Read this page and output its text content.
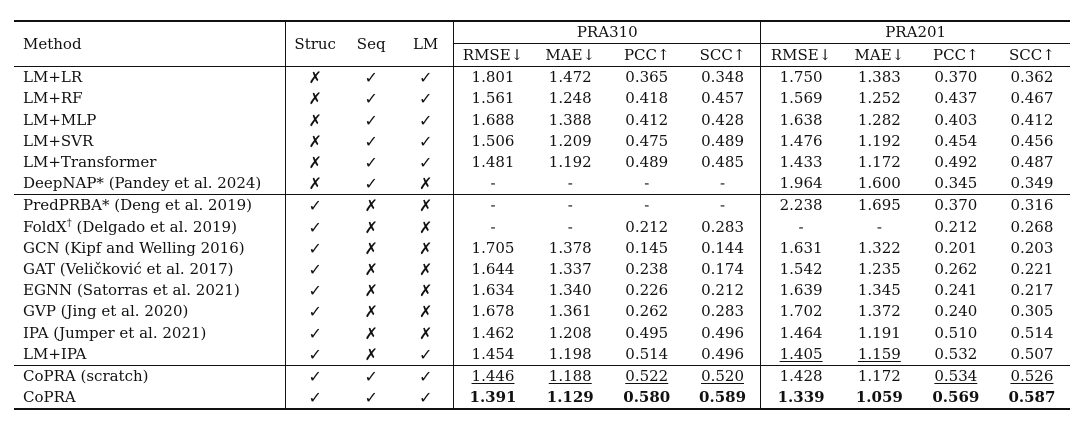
Method	Struc	Seq	LM	PRA310				PRA201			
				RMSE↓	MAE↓	PCC↑	SCC↑	RMSE↓	MAE↓	PCC↑	SCC↑
LM+LR	✗	✓	✓	1.801	1.472	0.365	0.348	1.750	1.383	0.370	0.362
LM+RF	✗	✓	✓	1.561	1.248	0.418	0.457	1.569	1.252	0.437	0.467
LM+MLP	✗	✓	✓	1.688	1.388	0.412	0.428	1.638	1.282	0.403	0.412
LM+SVR	✗	✓	✓	1.506	1.209	0.475	0.489	1.476	1.192	0.454	0.456
LM+Transformer	✗	✓	✓	1.481	1.192	0.489	0.485	1.433	1.172	0.492	0.487
DeepNAP* (Pandey et al. 2024)	✗	✓	✗	-	-	-	-	1.964	1.600	0.345	0.349
PredPRBA* (Deng et al. 2019)	✓	✗	✗	-	-	-	-	2.238	1.695	0.370	0.316
FoldX† (Delgado et al. 2019)	✓	✗	✗	-	-	0.212	0.283	-	-	0.212	0.268
GCN (Kipf and Welling 2016)	✓	✗	✗	1.705	1.378	0.145	0.144	1.631	1.322	0.201	0.203
GAT (Veličković et al. 2017)	✓	✗	✗	1.644	1.337	0.238	0.174	1.542	1.235	0.262	0.221
EGNN (Satorras et al. 2021)	✓	✗	✗	1.634	1.340	0.226	0.212	1.639	1.345	0.241	0.217
GVP (Jing et al. 2020)	✓	✗	✗	1.678	1.361	0.262	0.283	1.702	1.372	0.240	0.305
IPA (Jumper et al. 2021)	✓	✗	✗	1.462	1.208	0.495	0.496	1.464	1.191	0.510	0.514
LM+IPA	✓	✗	✓	1.454	1.198	0.514	0.496	1.405	1.159	0.532	0.507
CoPRA (scratch)	✓	✓	✓	1.446	1.188	0.522	0.520	1.428	1.172	0.534	0.526
CoPRA	✓	✓	✓	1.391	1.129	0.580	0.589	1.339	1.059	0.569	0.587
